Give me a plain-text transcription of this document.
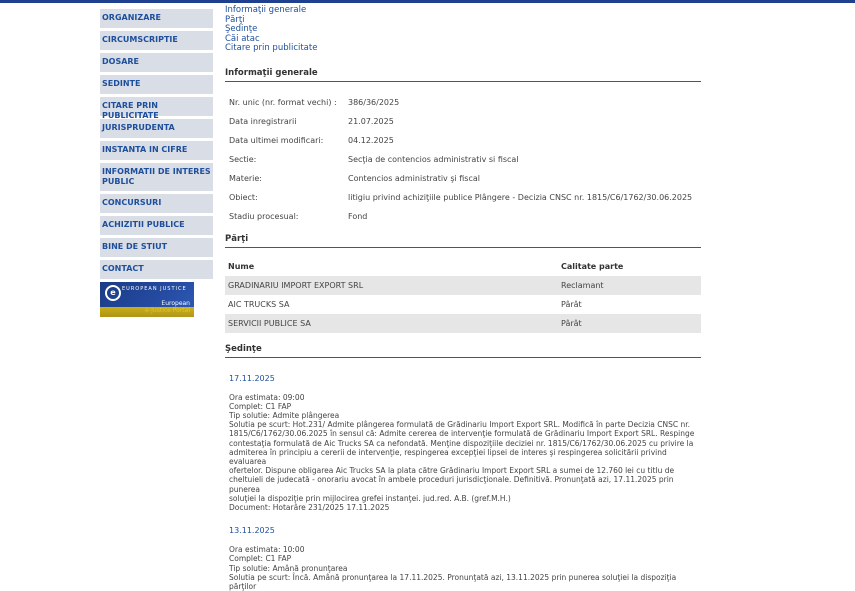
ORGANIZARE
CIRCUMSCRIPTIE
DOSARE
SEDINTE
CITARE PRIN PUBLICITATE
JURISPRUDENTA
INSTANTA IN CIFRE
INFORMATII DE INTERES PUBLIC
CONCURSURI
ACHIZITII PUBLICE
BINE DE STIUT
CONTACT
e	EUROPEAN JUSTICE
European
Informaţii generale
Părţi
Şedinţe
Căi atac
Citare prin publicitate
Informaţii generale
Nr. unic (nr. format vechi) :	386/36/2025
Data inregistrarii	21.07.2025
Data ultimei modificari:	04.12.2025
Sectie:	Secţia de contencios administrativ si fiscal
Materie:	Contencios administrativ şi fiscal
Obiect:	litigiu privind achiziţiile publice Plângere - Decizia CNSC nr. 1815/C6/1762/30.06.2025
Stadiu procesual:	Fond
Părţi
Nume	Calitate parte
GRADINARIU IMPORT EXPORT SRL	Reclamant
AIC TRUCKS SA	Pârât
SERVICII PUBLICE SA	Pârât
Şedinţe
17.11.2025
Ora estimata: 09:00
Complet: C1 FAP
Tip solutie: Admite plângerea
Solutia pe scurt: Hot.231/ Admite plângerea formulată de Grădinariu Import Export SRL. Modifică în parte Decizia CNSC nr.
1815/C6/1762/30.06.2025 în sensul că: Admite cererea de intervenţie formulată de Grădinariu Import Export SRL. Respinge
contestaţia formulată de Aic Trucks SA ca nefondată. Menţine dispoziţiile deciziei nr. 1815/C6/1762/30.06.2025 cu privire la
admiterea în principiu a cererii de intervenţie, respingerea excepţiei lipsei de interes şi respingerea solicitării privind evaluarea
ofertelor. Dispune obligarea Aic Trucks SA la plata către Grădinariu Import Export SRL a sumei de 12.760 lei cu titlu de
cheltuieli de judecată - onorariu avocat în ambele proceduri jurisdicţionale. Definitivă. Pronunţată azi, 17.11.2025 prin punerea
soluţiei la dispoziţie prin mijlocirea grefei instanţei. jud.red. A.B. (gref.M.H.)
Document: Hotarâre 231/2025 17.11.2025
13.11.2025
Ora estimata: 10:00
Complet: C1 FAP
Tip solutie: Amână pronunţarea
Solutia pe scurt: Încă. Amână pronunţarea la 17.11.2025. Pronunţată azi, 13.11.2025 prin punerea soluţiei la dispoziţia părţilor
